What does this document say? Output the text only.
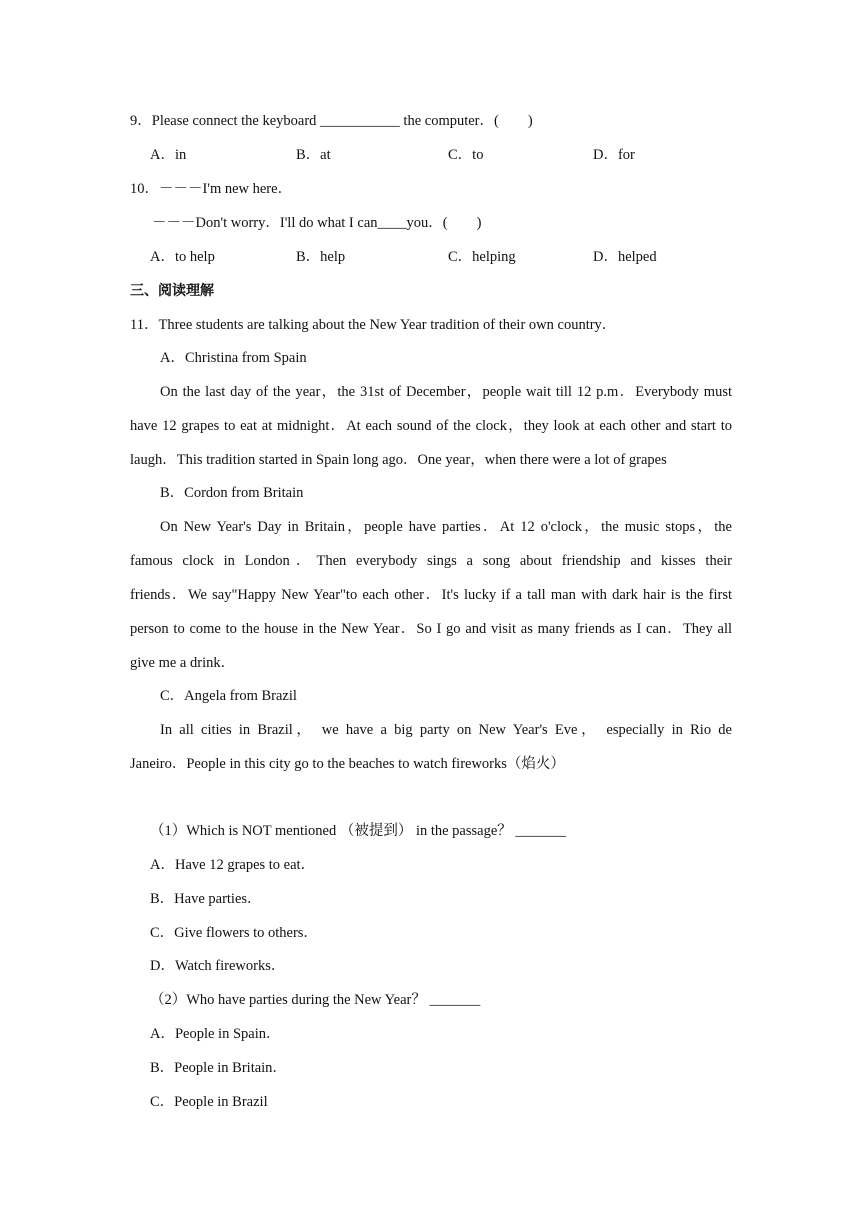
9．Please connect the keyboard ___________ the computer．(　　)
A．in	B．at	C．to	D．for
10．－－－I'm new here．
－－－Don't worry．I'll do what I can____you．(　　)
A．to help	B．help	C．helping	D．helped
三、阅读理解
11．Three students are talking about the New Year tradition of their own country．
A．Christina from Spain
On the last day of the year，the 31st of December，people wait till 12 p.m．Everybody must
have 12 grapes to eat at midnight．At each sound of the clock，they look at each other and start to
laugh．This tradition started in Spain long ago．One year，when there were a lot of grapes
B．Cordon from Britain
On New Year's Day in Britain，people have parties．At 12 o'clock，the music stops，the
famous clock in London．Then everybody sings a song about friendship and kisses their
friends．We say"Happy New Year"to each other．It's lucky if a tall man with dark hair is the first
person to come to the house in the New Year．So I go and visit as many friends as I can．They all
give me a drink．
C．Angela from Brazil
In all cities in Brazil， we have a big party on New Year's Eve， especially in Rio de
Janeiro．People in this city go to the beaches to watch fireworks（焰火）
（1）Which is NOT mentioned （被提到） in the passage？ _______
A．Have 12 grapes to eat．
B．Have parties．
C．Give flowers to others．
D．Watch fireworks．
（2）Who have parties during the New Year？ _______
A．People in Spain．
B．People in Britain．
C．People in Brazil
